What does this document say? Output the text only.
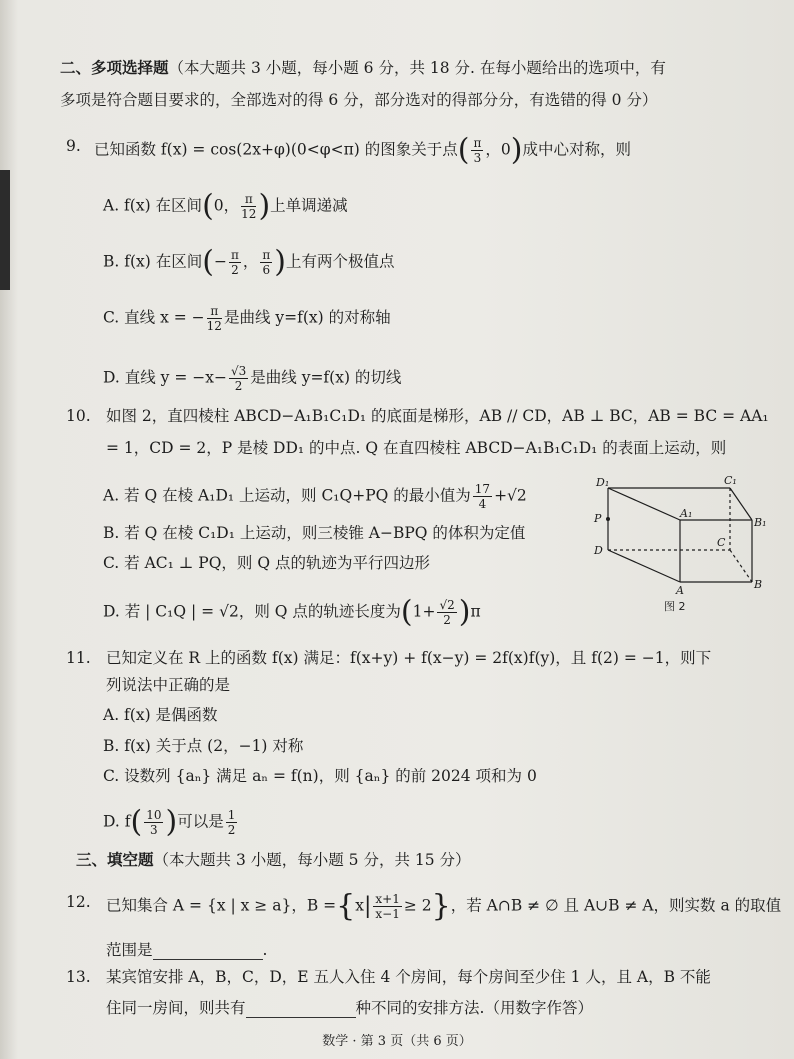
二、多项选择题（本大题共 3 小题，每小题 6 分，共 18 分. 在每小题给出的选项中，有
多项是符合题目要求的，全部选对的得 6 分，部分选对的得部分分，有选错的得 0 分）
9. 已知函数 f(x) = cos(2x+φ)(0<φ<π) 的图象关于点( $\frac{\pi}{3}$ ，0)成中心对称，则
A. f(x) 在区间(0， $\frac{\pi}{12}$ )上单调递减
B. f(x) 在区间(− $\frac{\pi}{2}$ ， $\frac{\pi}{6}$ )上有两个极值点
C. 直线 x = − $\frac{\pi}{12}$ 是曲线 y=f(x) 的对称轴
D. 直线 $y = -x- \frac{√3}{2}$ 是曲线 y=f(x) 的切线
10. 如图 2，直四棱柱 ABCD−A₁B₁C₁D₁ 的底面是梯形，AB // CD，AB ⊥ BC，AB = BC = AA₁
= 1，CD = 2，P 是棱 DD₁ 的中点. Q 在直四棱柱 ABCD−A₁B₁C₁D₁ 的表面上运动，则
A. 若 Q 在棱 A₁D₁ 上运动，则 C₁Q+PQ 的最小值为 $\frac{17}{4} +√2$
B. 若 Q 在棱 C₁D₁ 上运动，则三棱锥 A−BPQ 的体积为定值
C. 若 AC₁ ⊥ PQ，则 Q 点的轨迹为平行四边形
D. 若 | C₁Q | = √2，则 Q 点的轨迹长度为$(1+ \frac{√2}{2} )\pi$
D₁	C₁
P	A₁
B₁
C
D
A	B
图 2
11. 已知定义在 R 上的函数 f(x) 满足：f(x+y) + f(x−y) = 2f(x)f(y)，且 f(2) = −1，则下
列说法中正确的是
A. f(x) 是偶函数
B. f(x) 关于点 (2，−1) 对称
C. 设数列 {aₙ} 满足 aₙ = f(n)，则 {aₙ} 的前 2024 项和为 0
D. $f( \frac{10}{3}$ )可以是 $\frac{1}{2}$
三、填空题（本大题共 3 小题，每小题 5 分，共 15 分）
12. 已知集合 A = {x | x ≥ a}，$B =\{x| \frac{x+1}{x-1} \ge 2\}$，若 A∩B ≠ ∅ 且 A∪B ≠ A，则实数 a 的取值
范围是	.
13. 某宾馆安排 A，B，C，D，E 五人入住 4 个房间，每个房间至少住 1 人，且 A，B 不能
住同一房间，则共有	种不同的安排方法.（用数字作答）
数学 · 第 3 页（共 6 页）
